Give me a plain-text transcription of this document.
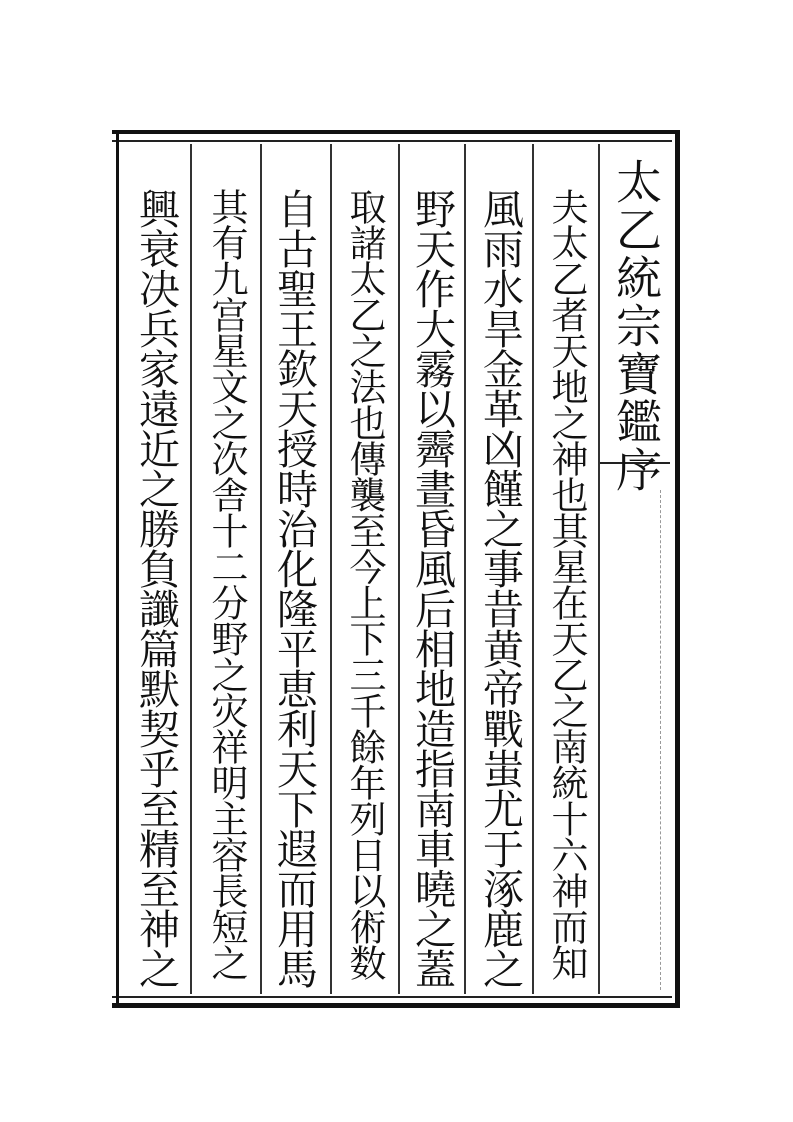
太乙統宗寶鑑序
夫太乙者天地之神也其星在天乙之南統十六神而知
風雨水旱金革凶饉之事昔黄帝戰蚩尤于涿鹿之
野天作大霧以霽晝昏風后相地造指南車曉之蓋
取諸太乙之法也傳襲至今上下三千餘年列日以術数
自古聖王欽天授時治化隆平恵利天下遐而用馬
其有九宫星文之次舎十二分野之灾祥明主容長短之
興衰决兵家遠近之勝負讖篇默契乎至精至神之
